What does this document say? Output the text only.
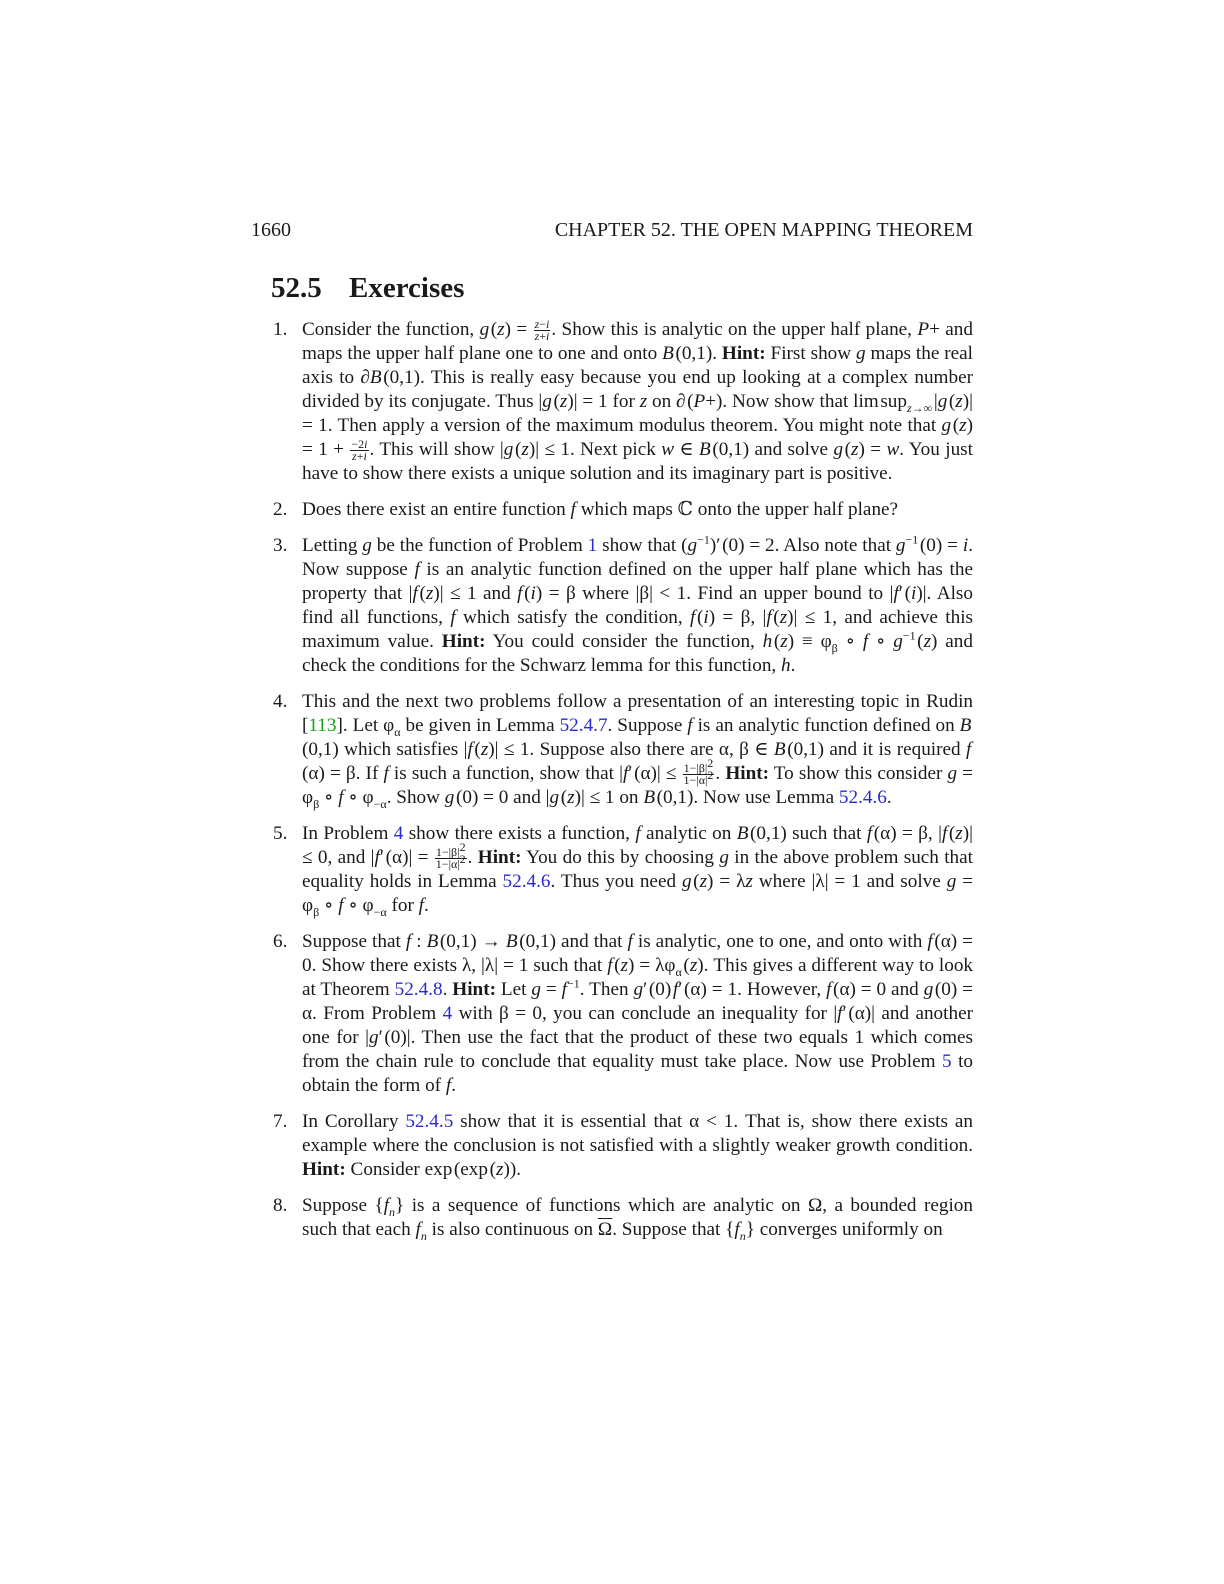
1660	CHAPTER 52. THE OPEN MAPPING THEOREM
52.5 Exercises
1. Consider the function, g $(z) = \frac{z-i}{z+i}$ . Show this is analytic on the upper half plane, P+ and maps the upper half plane one to one and onto B (0,1). Hint: First show g maps the real axis to ∂B (0,1). This is really easy because you end up looking at a complex number divided by its conjugate. Thus |g (z)| = 1 for z on ∂ (P+). Now show that lim sup$_{z\to\infty}$ |g (z)| = 1. Then apply a version of the maximum modulus theorem. You might note that g $(z) = 1 + \frac{-2i}{z+i}$ . This will show |g (z)| ≤ 1. Next pick w ∈ B (0,1) and solve g (z) = w. You just have to show there exists a unique solution and its imaginary part is positive.
2. Does there exist an entire function f which maps ℂ onto the upper half plane?
3. Letting g be the function of Problem 1 show that $(g^{-1})'$ (0) = 2. Also note that $g^{-1}$ (0) = i. Now suppose f is an analytic function defined on the upper half plane which has the property that |f (z)| ≤ 1 and f (i) = β where |β| < 1. Find an upper bound to |f′ (i)|. Also find all functions, f which satisfy the condition, f (i) = β, |f (z)| ≤ 1, and achieve this maximum value. Hint: You could consider the function, h $(z) \equiv \varphi_\beta$ ∘ f ∘ $g^{-1}$ (z) and check the conditions for the Schwarz lemma for this function, h.
4. This and the next two problems follow a presentation of an interesting topic in Rudin [113]. Let $\varphi_\alpha$ be given in Lemma 52.4.7. Suppose f is an analytic function defined on B (0,1) which satisfies |f (z)| ≤ 1. Suppose also there are α, β ∈ B (0,1) and it is required f (α) = β. If f is such a function, show that |f′ $(\alpha)| \le \frac{1-|\beta|^2}{1-|\alpha|^2}$ . Hint: To show this consider $g = \varphi_\beta$ ∘ f ∘ $\varphi_{-\alpha}$. Show g (0) = 0 and |g (z)| ≤ 1 on B (0,1). Now use Lemma 52.4.6.
5. In Problem 4 show there exists a function, f analytic on B (0,1) such that f (α) = β, |f (z)| ≤ 0, and |f′ $(\alpha)| = \frac{1-|\beta|^2}{1-|\alpha|^2}$ . Hint: You do this by choosing g in the above problem such that equality holds in Lemma 52.4.6. Thus you need g (z) = λz where |λ| = 1 and solve $g = \varphi_\beta$ ∘ f ∘ $\varphi_{-\alpha}$ for f.
6. Suppose that f : B (0,1) → B (0,1) and that f is analytic, one to one, and onto with f (α) = 0. Show there exists λ, |λ| = 1 such that f $(z) = \lambda\varphi_\alpha$ (z). This gives a different way to look at Theorem 52.4.8. Hint: Let $g = f^{-1}$. Then g′ (0) f′ (α) = 1. However, f (α) = 0 and g (0) = α. From Problem 4 with β = 0, you can conclude an inequality for |f′ (α)| and another one for |g′ (0)|. Then use the fact that the product of these two equals 1 which comes from the chain rule to conclude that equality must take place. Now use Problem 5 to obtain the form of f.
7. In Corollary 52.4.5 show that it is essential that α < 1. That is, show there exists an example where the conclusion is not satisfied with a slightly weaker growth condition. Hint: Consider exp (exp (z)).
8. Suppose $\{f_n\}$ is a sequence of functions which are analytic on Ω, a bounded region such that each $f_n$ is also continuous on $\overline{\Omega}$. Suppose that $\{f_n\}$ converges uniformly on
